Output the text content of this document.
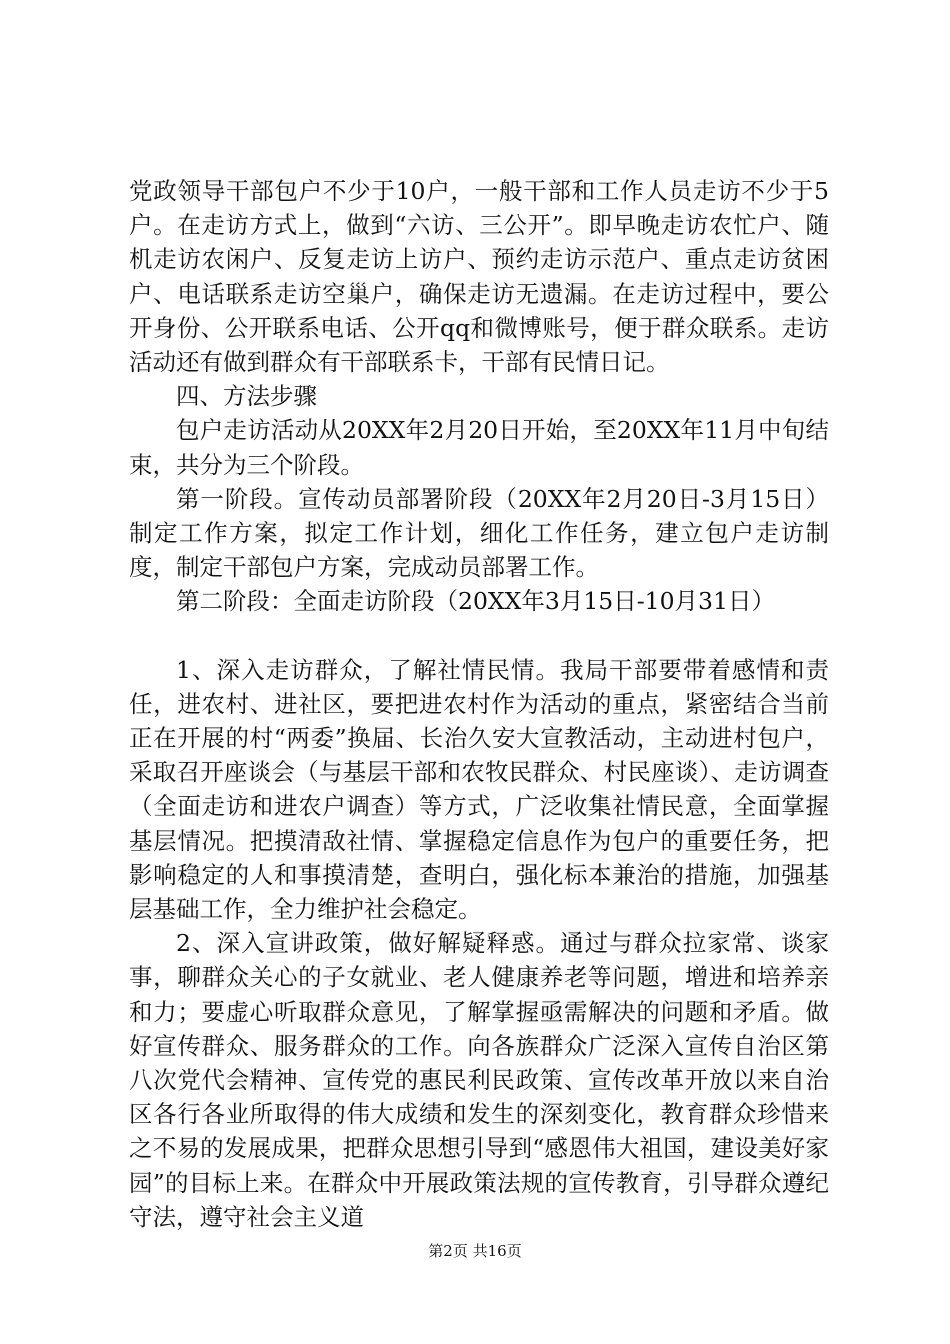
党政领导干部包户不少于10户，一般干部和工作人员走访不少于5户。在走访方式上，做到“六访、三公开”。即早晚走访农忙户、随机走访农闲户、反复走访上访户、预约走访示范户、重点走访贫困户、电话联系走访空巢户，确保走访无遗漏。在走访过程中，要公开身份、公开联系电话、公开qq和微博账号，便于群众联系。走访活动还有做到群众有干部联系卡，干部有民情日记。

四、方法步骤

包户走访活动从20XX年2月20日开始，至20XX年11月中旬结束，共分为三个阶段。

第一阶段。宣传动员部署阶段（20XX年2月20日-3月15日）制定工作方案，拟定工作计划，细化工作任务，建立包户走访制度，制定干部包户方案，完成动员部署工作。

第二阶段：全面走访阶段（20XX年3月15日-10月31日）

1、深入走访群众，了解社情民情。我局干部要带着感情和责任，进农村、进社区，要把进农村作为活动的重点，紧密结合当前正在开展的村“两委”换届、长治久安大宣教活动，主动进村包户，采取召开座谈会（与基层干部和农牧民群众、村民座谈）、走访调查（全面走访和进农户调查）等方式，广泛收集社情民意，全面掌握基层情况。把摸清敌社情、掌握稳定信息作为包户的重要任务，把影响稳定的人和事摸清楚，查明白，强化标本兼治的措施，加强基层基础工作，全力维护社会稳定。

2、深入宣讲政策，做好解疑释惑。通过与群众拉家常、谈家事，聊群众关心的子女就业、老人健康养老等问题，增进和培养亲和力；要虚心听取群众意见，了解掌握亟需解决的问题和矛盾。做好宣传群众、服务群众的工作。向各族群众广泛深入宣传自治区第八次党代会精神、宣传党的惠民利民政策、宣传改革开放以来自治区各行各业所取得的伟大成绩和发生的深刻变化，教育群众珍惜来之不易的发展成果，把群众思想引导到“感恩伟大祖国，建设美好家园”的目标上来。在群众中开展政策法规的宣传教育，引导群众遵纪守法，遵守社会主义道

第2页 共16页
